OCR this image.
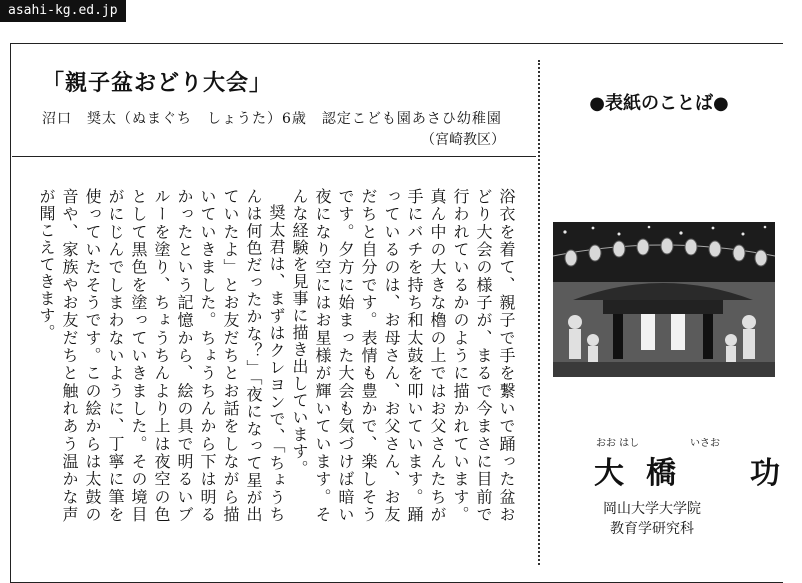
asahi-kg.ed.jp
「親子盆おどり大会」
沼口　奨太（ぬまぐち　しょうた）6歳　認定こども園あさひ幼稚園
（宮崎教区）

浴衣を着て、親子で手を繋いで踊った盆おどり大会の様子が、まるで今まさに目前で行われているかのように描かれています。真ん中の大きな櫓の上ではお父さんたちが手にバチを持ち和太鼓を叩いています。踊っているのは、お母さん、お父さん、お友だちと自分です。表情も豊かで、楽しそうです。夕方に始まった大会も気づけば暗い夜になり空にはお星様が輝いています。そんな経験を見事に描き出しています。

奨太君は、まずはクレヨンで、「ちょうちんは何色だったかな？」「夜になって星が出ていたよ」とお友だちとお話をしながら描いていきました。ちょうちんから下は明るかったという記憶から、絵の具で明るいブルーを塗り、ちょうちんより上は夜空の色として黒色を塗っていきました。その境目がにじんでしまわないように、丁寧に筆を使っていたそうです。この絵からは太鼓の音や、家族やお友だちと触れあう温かな声が聞こえてきます。

●表紙のことば●
おお はし	いさお
大橋　功
岡山大学大学院
教育学研究科
